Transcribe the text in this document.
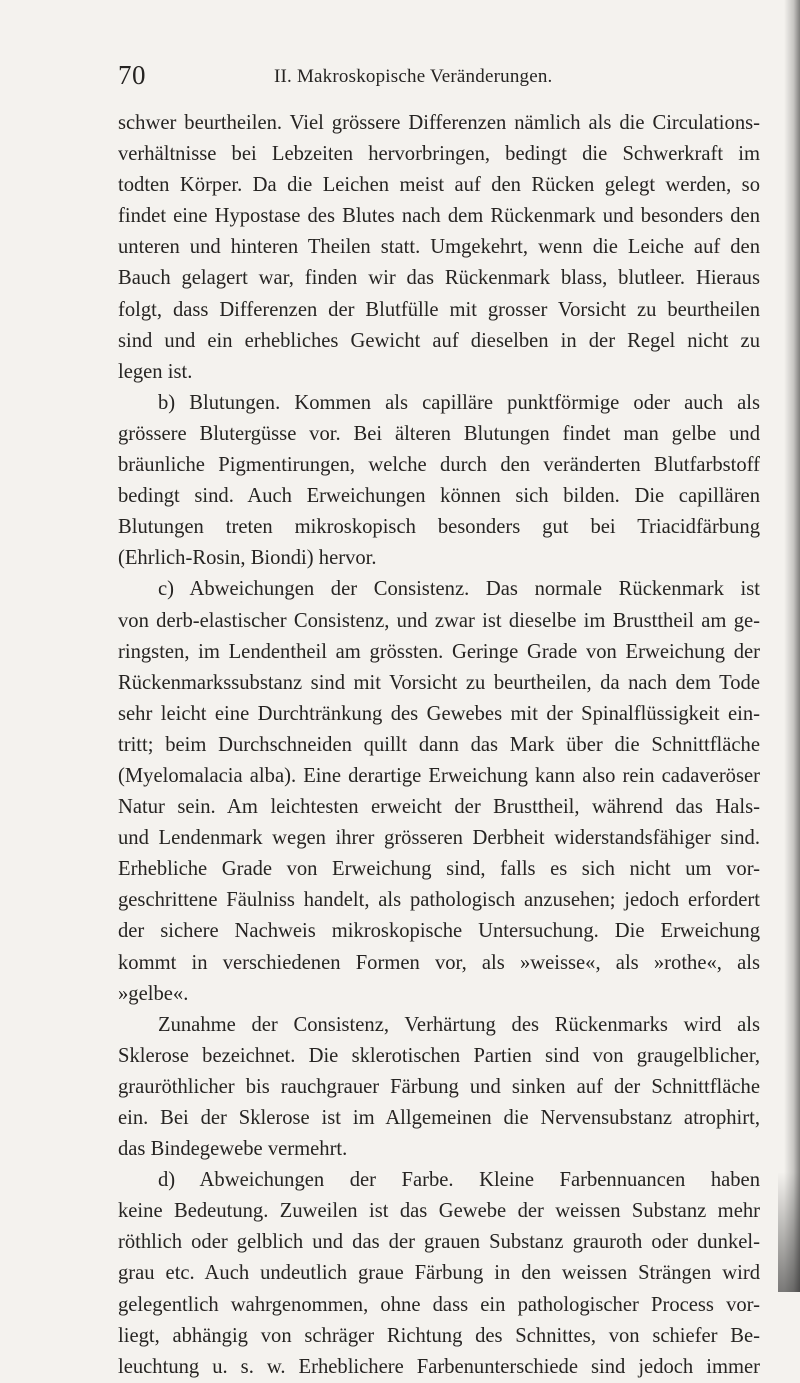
70	II. Makroskopische Veränderungen.
schwer beurtheilen. Viel grössere Differenzen nämlich als die Circulations-
verhältnisse bei Lebzeiten hervorbringen, bedingt die Schwerkraft im
todten Körper. Da die Leichen meist auf den Rücken gelegt werden, so
findet eine Hypostase des Blutes nach dem Rückenmark und besonders den
unteren und hinteren Theilen statt. Umgekehrt, wenn die Leiche auf den
Bauch gelagert war, finden wir das Rückenmark blass, blutleer. Hieraus
folgt, dass Differenzen der Blutfülle mit grosser Vorsicht zu beurtheilen
sind und ein erhebliches Gewicht auf dieselben in der Regel nicht zu
legen ist.
b) Blutungen. Kommen als capilläre punktförmige oder auch als
grössere Blutergüsse vor. Bei älteren Blutungen findet man gelbe und
bräunliche Pigmentirungen, welche durch den veränderten Blutfarbstoff
bedingt sind. Auch Erweichungen können sich bilden. Die capillären
Blutungen treten mikroskopisch besonders gut bei Triacidfärbung
(Ehrlich-Rosin, Biondi) hervor.
c) Abweichungen der Consistenz. Das normale Rückenmark ist
von derb-elastischer Consistenz, und zwar ist dieselbe im Brusttheil am ge-
ringsten, im Lendentheil am grössten. Geringe Grade von Erweichung der
Rückenmarkssubstanz sind mit Vorsicht zu beurtheilen, da nach dem Tode
sehr leicht eine Durchtränkung des Gewebes mit der Spinalflüssigkeit ein-
tritt; beim Durchschneiden quillt dann das Mark über die Schnittfläche
(Myelomalacia alba). Eine derartige Erweichung kann also rein cadaveröser
Natur sein. Am leichtesten erweicht der Brusttheil, während das Hals-
und Lendenmark wegen ihrer grösseren Derbheit widerstandsfähiger sind.
Erhebliche Grade von Erweichung sind, falls es sich nicht um vor-
geschrittene Fäulniss handelt, als pathologisch anzusehen; jedoch erfordert
der sichere Nachweis mikroskopische Untersuchung. Die Erweichung
kommt in verschiedenen Formen vor, als »weisse«, als »rothe«, als
»gelbe«.
Zunahme der Consistenz, Verhärtung des Rückenmarks wird als
Sklerose bezeichnet. Die sklerotischen Partien sind von graugelblicher,
grauröthlicher bis rauchgrauer Färbung und sinken auf der Schnittfläche
ein. Bei der Sklerose ist im Allgemeinen die Nervensubstanz atrophirt,
das Bindegewebe vermehrt.
d) Abweichungen der Farbe. Kleine Farbennuancen haben
keine Bedeutung. Zuweilen ist das Gewebe der weissen Substanz mehr
röthlich oder gelblich und das der grauen Substanz grauroth oder dunkel-
grau etc. Auch undeutlich graue Färbung in den weissen Strängen wird
gelegentlich wahrgenommen, ohne dass ein pathologischer Process vor-
liegt, abhängig von schräger Richtung des Schnittes, von schiefer Be-
leuchtung u. s. w. Erheblichere Farbenunterschiede sind jedoch immer
